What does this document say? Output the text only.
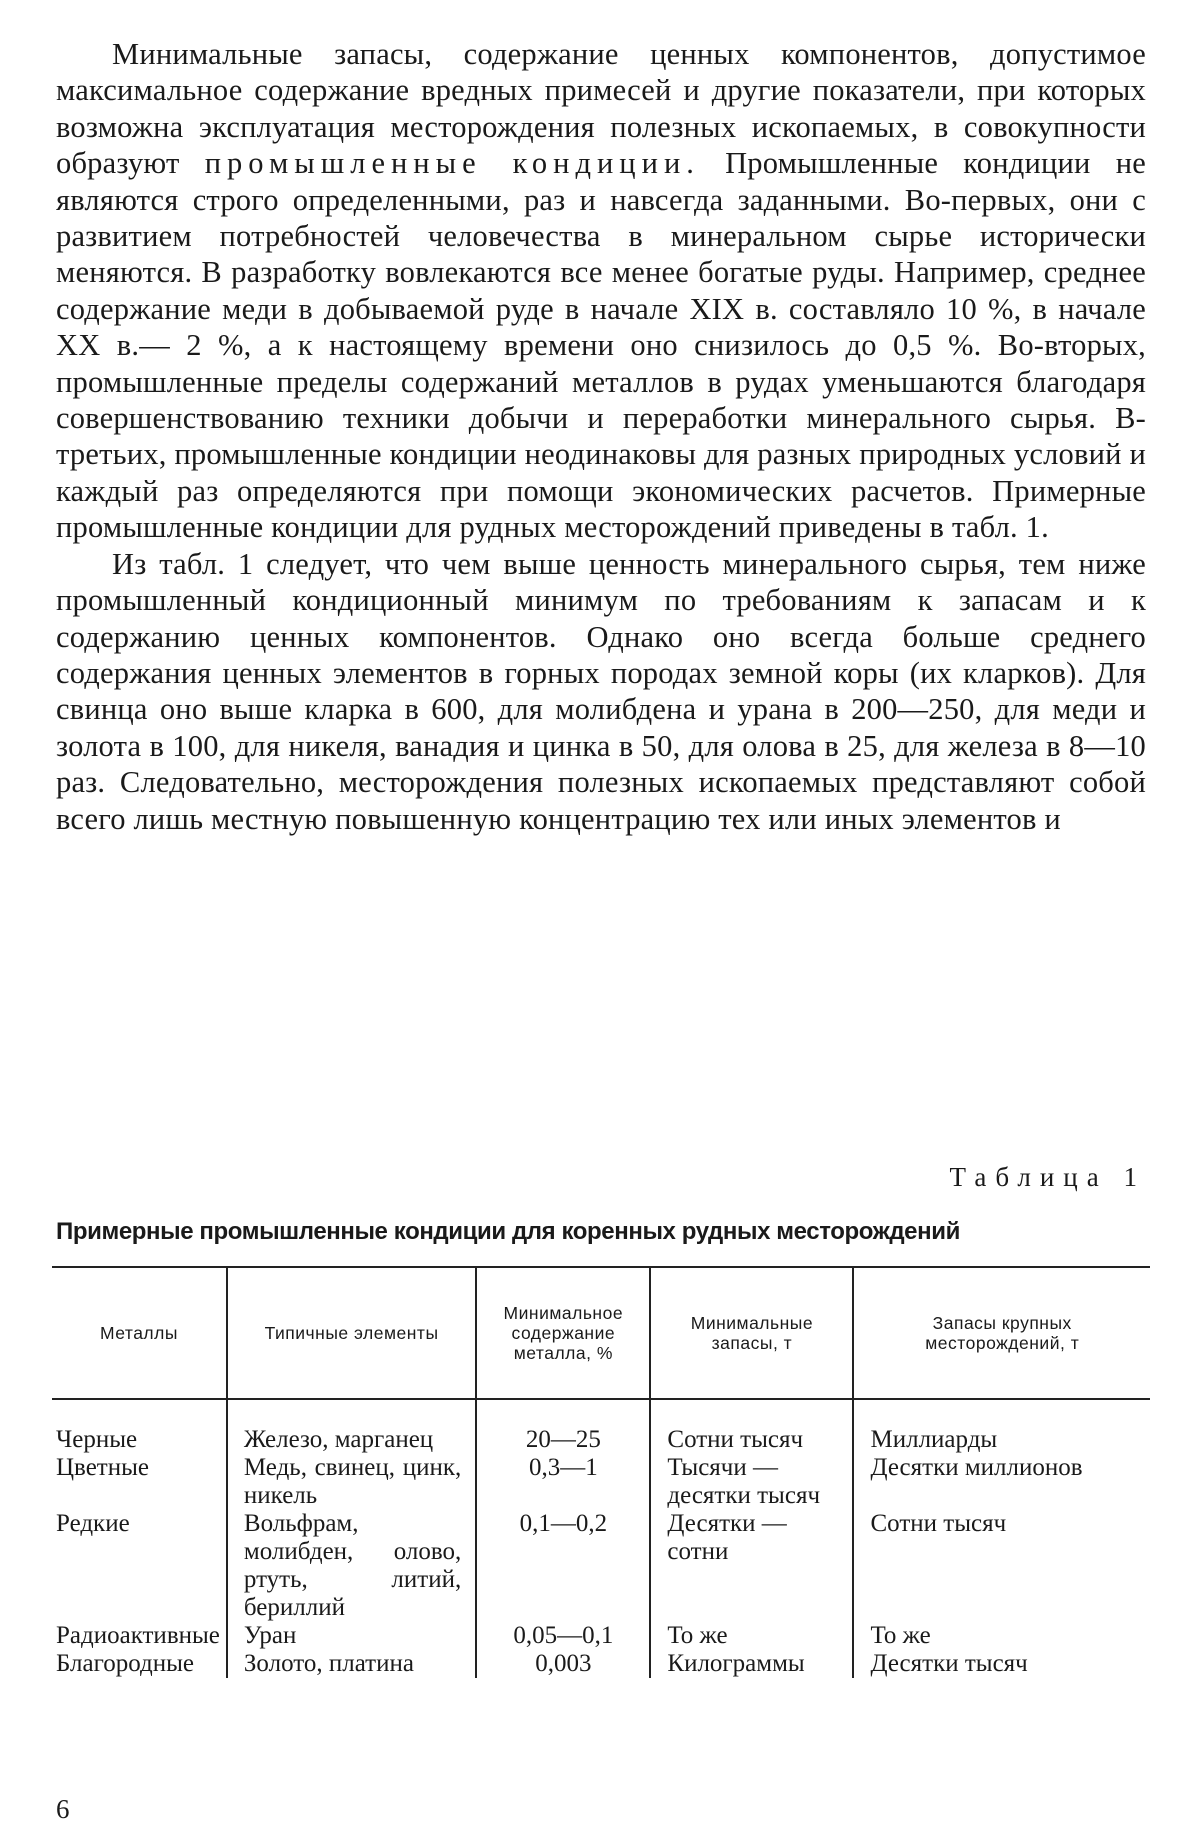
Минимальные запасы, содержание ценных компонентов, допустимое максимальное содержание вредных примесей и другие показатели, при которых возможна эксплуатация месторождения полезных ископаемых, в совокупности образуют промышленные кондиции. Промышленные кондиции не являются строго определенными, раз и навсегда заданными. Во-первых, они с развитием потребностей человечества в минеральном сырье исторически меняются. В разработку вовлекаются все менее богатые руды. Например, среднее содержание меди в добываемой руде в начале XIX в. составляло 10 %, в начале XX в.— 2 %, а к настоящему времени оно снизилось до 0,5 %. Во-вторых, промышленные пределы содержаний металлов в рудах уменьшаются благодаря совершенствованию техники добычи и переработки минерального сырья. В-третьих, промышленные кондиции неодинаковы для разных природных условий и каждый раз определяются при помощи экономических расчетов. Примерные промышленные кондиции для рудных месторождений приведены в табл. 1.

Из табл. 1 следует, что чем выше ценность минерального сырья, тем ниже промышленный кондиционный минимум по требованиям к запасам и к содержанию ценных компонентов. Однако оно всегда больше среднего содержания ценных элементов в горных породах земной коры (их кларков). Для свинца оно выше кларка в 600, для молибдена и урана в 200—250, для меди и золота в 100, для никеля, ванадия и цинка в 50, для олова в 25, для железа в 8—10 раз. Следовательно, месторождения полезных ископаемых представляют собой всего лишь местную повышенную концентрацию тех или иных элементов и

Таблица 1
Примерные промышленные кондиции для коренных рудных месторождений
Металлы	Типичные элементы	Минимальное содержание металла, %	Минимальные запасы, т	Запасы крупных месторождений, т
Черные	Железо, марганец	20—25	Сотни тысяч	Миллиарды
Цветные	Медь, свинец, цинк, никель	0,3—1	Тысячи — десятки тысяч	Десятки миллионов
Редкие	Вольфрам, молибден, олово, ртуть, литий, бериллий	0,1—0,2	Десятки — сотни	Сотни тысяч
Радиоактивные	Уран	0,05—0,1	То же	То же
Благородные	Золото, платина	0,003	Килограммы	Десятки тысяч
6
